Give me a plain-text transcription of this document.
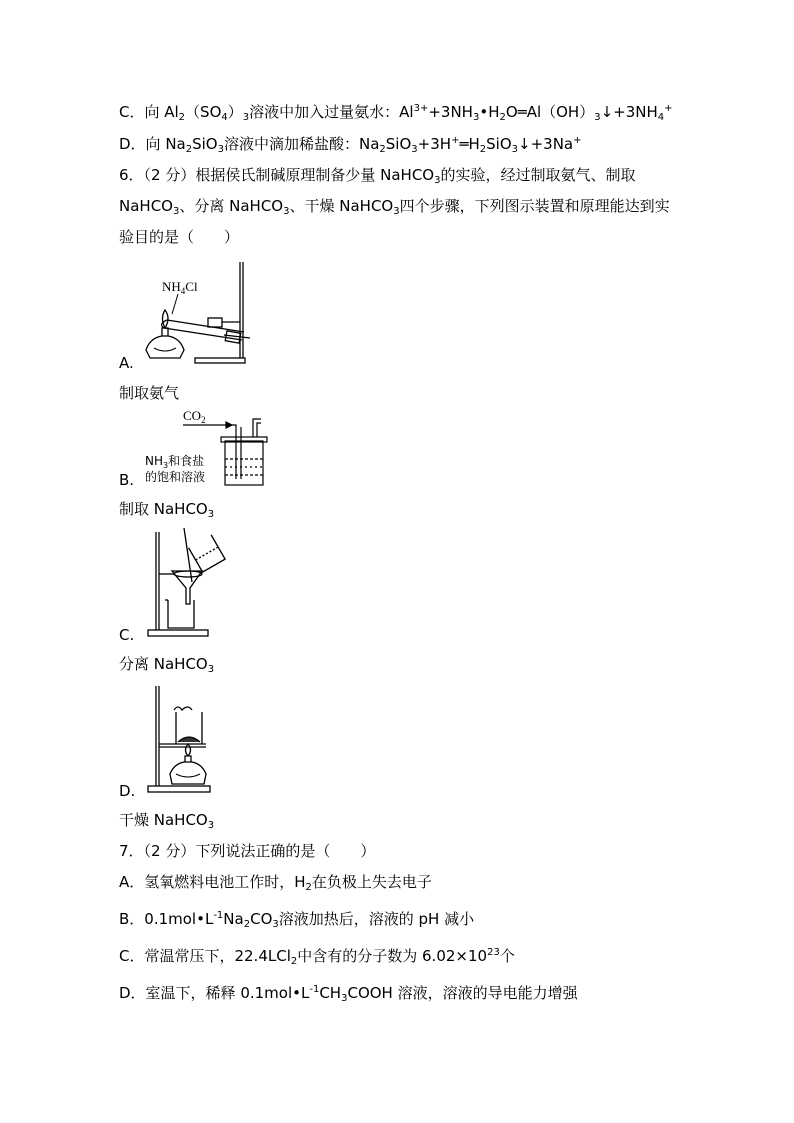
C．向 $Al_2(SO_4)_3$溶液中加入过量氨水：$Al^{3+}+3NH_3•H_2O═Al(OH)_3↓+3NH_4^+$
D．向 $Na_2SiO_3$溶液中滴加稀盐酸：$Na_2SiO_3+3H^+═H_2SiO_3↓+3Na^+$
6．（2 分）根据侯氏制碱原理制备少量 NaHCO$_3$的实验，经过制取氨气、制取
NaHCO$_3$、分离 NaHCO$_3$、干燥 NaHCO$_3$四个步骤，下列图示装置和原理能达到实
验目的是（　　）
$NH_4Cl$
A.
制取氨气
$CO_2$
$NH_3$和食盐
的饱和溶液
B.
制取 NaHCO$_3$
C.
分离 NaHCO$_3$
D.
干燥 NaHCO$_3$
7．（2 分）下列说法正确的是（　　）
A．氢氧燃料电池工作时，$H_2$在负极上失去电子
B．$0.1mol•L^{-1}Na_2CO_3$溶液加热后，溶液的 pH 减小
C．常温常压下，22.4LCl$_2$中含有的分子数为 $6.02\times 10^{23}$个
D．室温下，稀释 $0.1mol•L^{-1}CH_3COOH$ 溶液，溶液的导电能力增强
